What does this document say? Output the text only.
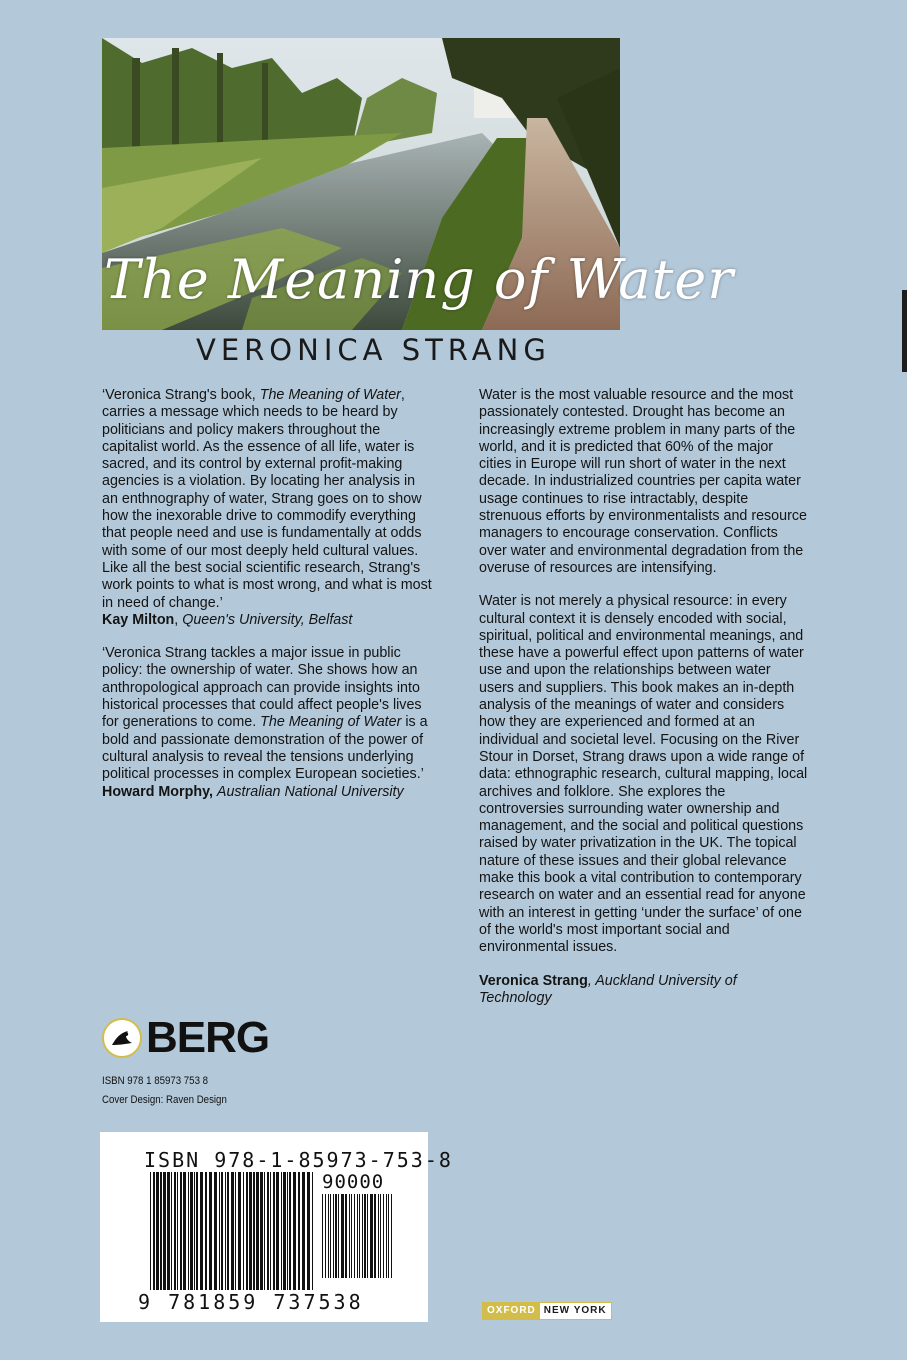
The Meaning of Water
VERONICA STRANG

‘Veronica Strang's book, The Meaning of Water, carries a message which needs to be heard by politicians and policy makers throughout the capitalist world. As the essence of all life, water is sacred, and its control by external profit-making agencies is a violation. By locating her analysis in an enthnography of water, Strang goes on to show how the inexorable drive to commodify everything that people need and use is fundamentally at odds with some of our most deeply held cultural values. Like all the best social scientific research, Strang's work points to what is most wrong, and what is most in need of change.’

Kay Milton, Queen's University, Belfast

‘Veronica Strang tackles a major issue in public policy: the ownership of water. She shows how an anthropological approach can provide insights into historical processes that could affect people's lives for generations to come. The Meaning of Water is a bold and passionate demonstration of the power of cultural analysis to reveal the tensions underlying political processes in complex European societies.’

Howard Morphy, Australian National University

Water is the most valuable resource and the most passionately contested. Drought has become an increasingly extreme problem in many parts of the world, and it is predicted that 60% of the major cities in Europe will run short of water in the next decade. In industrialized countries per capita water usage continues to rise intractably, despite strenuous efforts by environmentalists and resource managers to encourage conservation. Conflicts over water and environmental degradation from the overuse of resources are intensifying.

Water is not merely a physical resource: in every cultural context it is densely encoded with social, spiritual, political and environmental meanings, and these have a powerful effect upon patterns of water use and upon the relationships between water users and suppliers. This book makes an in-depth analysis of the meanings of water and considers how they are experienced and formed at an individual and societal level. Focusing on the River Stour in Dorset, Strang draws upon a wide range of data: ethnographic research, cultural mapping, local archives and folklore. She explores the controversies surrounding water ownership and management, and the social and political questions raised by water privatization in the UK. The topical nature of these issues and their global relevance make this book a vital contribution to contemporary research on water and an essential read for anyone with an interest in getting ‘under the surface’ of one of the world's most important social and environmental issues.

Veronica Strang, Auckland University of Technology

BERG
ISBN 978 1 85973 753 8
Cover Design: Raven Design
ISBN 978-1-85973-753-8
90000
9 781859 737538	OXFORD NEW YORK
